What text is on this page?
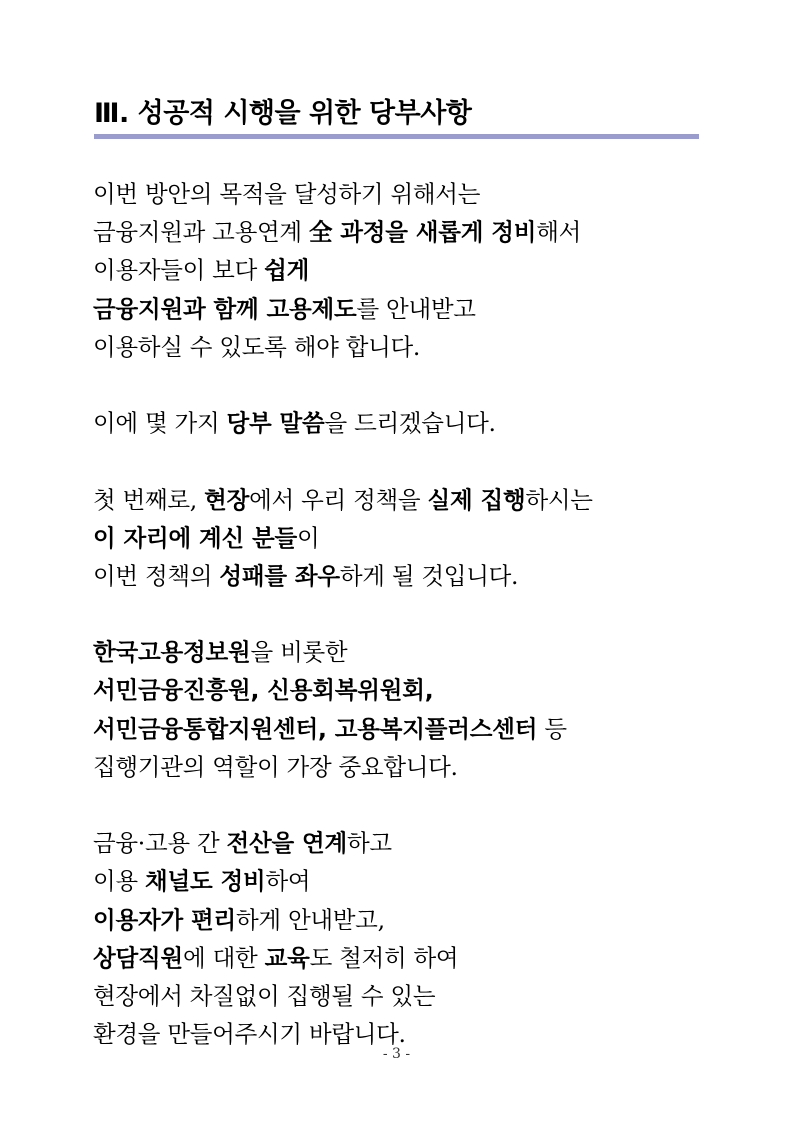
Ⅲ. 성공적 시행을 위한 당부사항
이번 방안의 목적을 달성하기 위해서는
금융지원과 고용연계 全 과정을 새롭게 정비해서
이용자들이 보다 쉽게
금융지원과 함께 고용제도를 안내받고
이용하실 수 있도록 해야 합니다.
이에 몇 가지 당부 말씀을 드리겠습니다.
첫 번째로, 현장에서 우리 정책을 실제 집행하시는
이 자리에 계신 분들이
이번 정책의 성패를 좌우하게 될 것입니다.
한국고용정보원을 비롯한
서민금융진흥원, 신용회복위원회,
서민금융통합지원센터, 고용복지플러스센터 등
집행기관의 역할이 가장 중요합니다.
금융·고용 간 전산을 연계하고
이용 채널도 정비하여
이용자가 편리하게 안내받고,
상담직원에 대한 교육도 철저히 하여
현장에서 차질없이 집행될 수 있는
환경을 만들어주시기 바랍니다.
- 3 -
